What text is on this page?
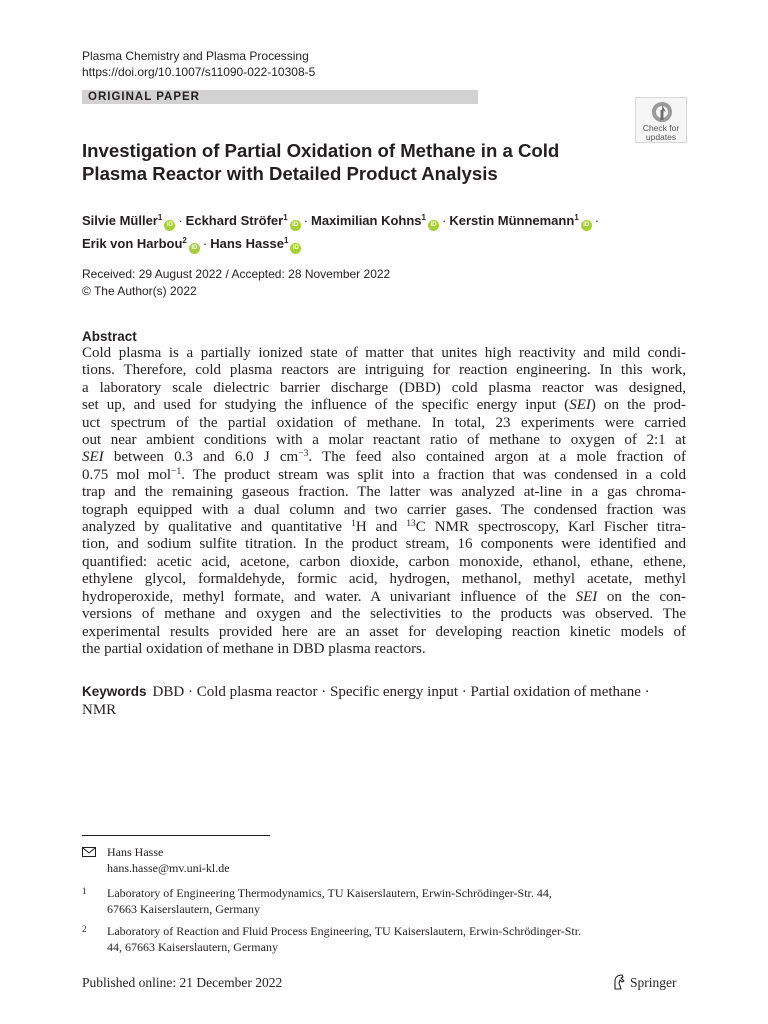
Plasma Chemistry and Plasma Processing
https://doi.org/10.1007/s11090-022-10308-5
ORIGINAL PAPER
Check for
updates
Investigation of Partial Oxidation of Methane in a Cold
Plasma Reactor with Detailed Product Analysis
Silvie Müller$^1$iD · Eckhard Ströfer$^1$iD · Maximilian Kohns$^1$iD · Kerstin Münnemann$^1$iD ·
Erik von Harbou$^2$iD · Hans Hasse$^1$iD
Received: 29 August 2022 / Accepted: 28 November 2022
© The Author(s) 2022
Abstract

Cold plasma is a partially ionized state of matter that unites high reactivity and mild condi-
tions. Therefore, cold plasma reactors are intriguing for reaction engineering. In this work,
a laboratory scale dielectric barrier discharge (DBD) cold plasma reactor was designed,
set up, and used for studying the influence of the specific energy input (SEI) on the prod-
uct spectrum of the partial oxidation of methane. In total, 23 experiments were carried
out near ambient conditions with a molar reactant ratio of methane to oxygen of 2:1 at
SEI between 0.3 and 6.0 J $cm^{-3}$. The feed also contained argon at a mole fraction of
0.75 mol mol$^{-1}$. The product stream was split into a fraction that was condensed in a cold
trap and the remaining gaseous fraction. The latter was analyzed at-line in a gas chroma-
tograph equipped with a dual column and two carrier gases. The condensed fraction was
analyzed by qualitative and quantitative $^1$H and $^{13}$C NMR spectroscopy, Karl Fischer titra-
tion, and sodium sulfite titration. In the product stream, 16 components were identified and
quantified: acetic acid, acetone, carbon dioxide, carbon monoxide, ethanol, ethane, ethene,
ethylene glycol, formaldehyde, formic acid, hydrogen, methanol, methyl acetate, methyl
hydroperoxide, methyl formate, and water. A univariant influence of the SEI on the con-
versions of methane and oxygen and the selectivities to the products was observed. The
experimental results provided here are an asset for developing reaction kinetic models of
the partial oxidation of methane in DBD plasma reactors.

Keywords DBD · Cold plasma reactor · Specific energy input · Partial oxidation of methane · NMR
Hans Hasse
hans.hasse@mv.uni-kl.de
1 Laboratory of Engineering Thermodynamics, TU Kaiserslautern, Erwin-Schrödinger-Str. 44,
67663 Kaiserslautern, Germany
2 Laboratory of Reaction and Fluid Process Engineering, TU Kaiserslautern, Erwin-Schrödinger-Str.
44, 67663 Kaiserslautern, Germany
Published online: 21 December 2022	Springer
